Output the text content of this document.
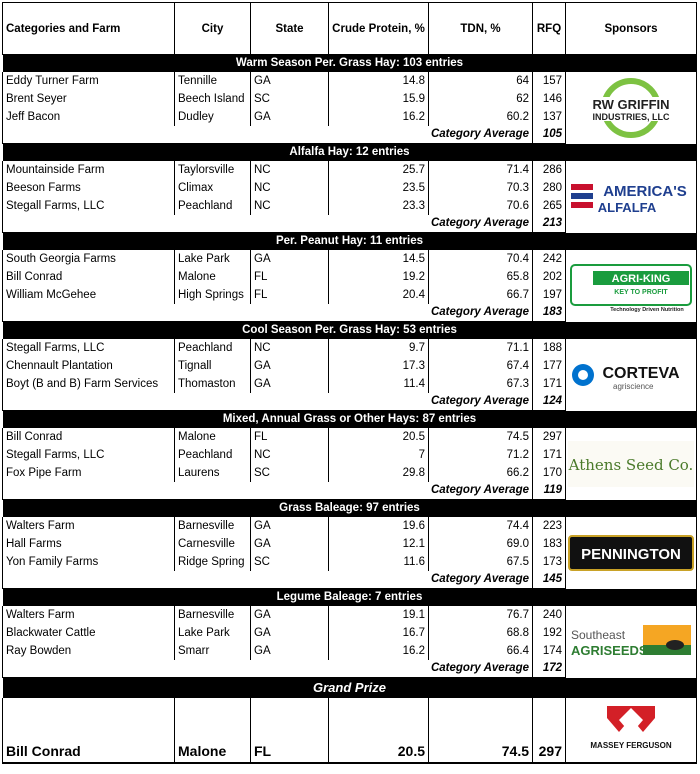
Categories and Farm	City	State	Crude Protein, %	TDN, %	RFQ	Sponsors
Warm Season Per. Grass Hay: 103 entries						
Eddy Turner Farm	Tennille	GA	14.8	64	157	RW GRIFFIN
INDUSTRIES, LLC

Brent Seyer	Beech Island	SC	15.9	62	146	
Jeff Bacon	Dudley	GA	16.2	60.2	137	
Category Average					105	
Alfalfa Hay: 12 entries						
Mountainside Farm	Taylorsville	NC	25.7	71.4	286	AMERICA'S
ALFALFA

Beeson Farms	Climax	NC	23.5	70.3	280	
Stegall Farms, LLC	Peachland	NC	23.3	70.6	265	
Category Average					213	
Per. Peanut Hay: 11 entries						
South Georgia Farms	Lake Park	GA	14.5	70.4	242	AGRI-KING
KEY TO PROFIT
Technology Driven Nutrition

Bill Conrad	Malone	FL	19.2	65.8	202	
William McGehee	High Springs	FL	20.4	66.7	197	
Category Average					183	
Cool Season Per. Grass Hay: 53 entries						
Stegall Farms, LLC	Peachland	NC	9.7	71.1	188	CORTEVA
agriscience

Chennault Plantation	Tignall	GA	17.3	67.4	177	
Boyt (B and B) Farm Services	Thomaston	GA	11.4	67.3	171	
Category Average					124	
Mixed, Annual Grass or Other Hays: 87 entries						
Bill Conrad	Malone	FL	20.5	74.5	297	Athens Seed Co.

Stegall Farms, LLC	Peachland	NC	7	71.2	171	
Fox Pipe Farm	Laurens	SC	29.8	66.2	170	
Category Average					119	
Grass Baleage: 97 entries						
Walters Farm	Barnesville	GA	19.6	74.4	223	PENNINGTON

Hall Farms	Carnesville	GA	12.1	69.0	183	
Yon Family Farms	Ridge Spring	SC	11.6	67.5	173	
Category Average					145	
Legume Baleage: 7 entries						
Walters Farm	Barnesville	GA	19.1	76.7	240	Southeast
AGRISEEDS

Blackwater Cattle	Lake Park	GA	16.7	68.8	192	
Ray Bowden	Smarr	GA	16.2	66.4	174	
Category Average					172	
Grand Prize						
Bill Conrad	Malone	FL	20.5	74.5	297	MASSEY FERGUSON
